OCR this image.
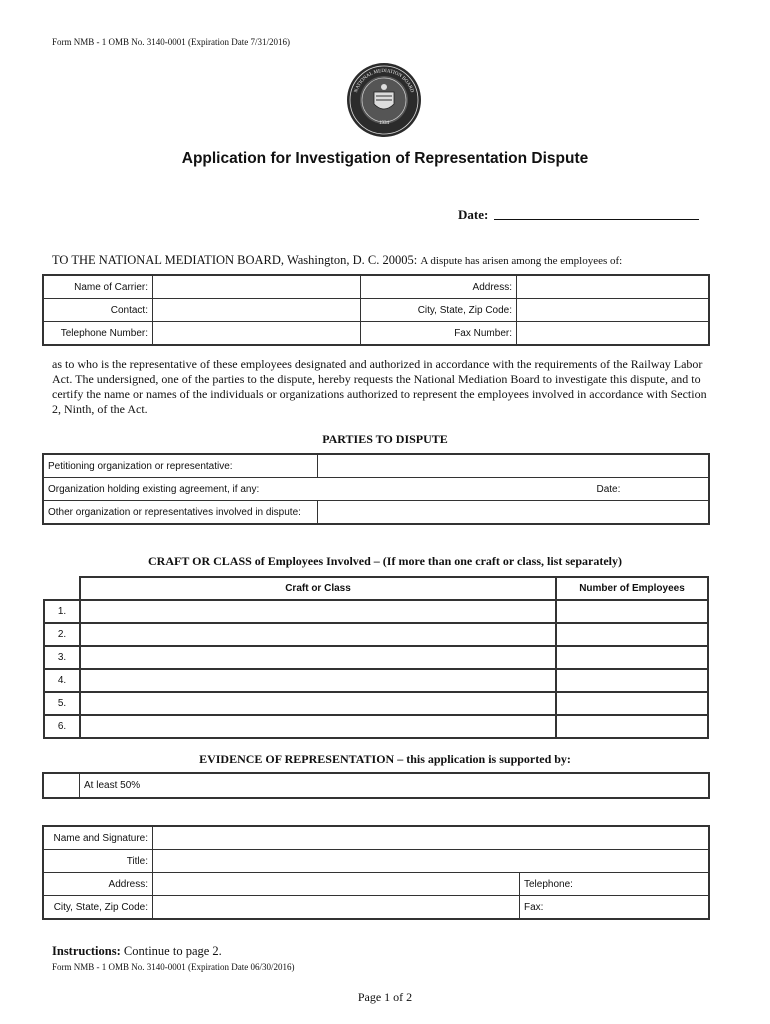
Form NMB - 1 OMB No. 3140-0001 (Expiration Date 7/31/2016)
1934
NATIONAL MEDIATION BOARD
Application for Investigation of Representation Dispute
Date:
TO THE NATIONAL MEDIATION BOARD, Washington, D. C. 20005: A dispute has arisen among the employees of:
Name of Carrier:		Address:	
Contact:		City, State, Zip Code:	
Telephone Number:		Fax Number:	
as to who is the representative of these employees designated and authorized in accordance with the requirements of the Railway Labor Act. The undersigned, one of the parties to the dispute, hereby requests the National Mediation Board to investigate this dispute, and to certify the name or names of the individuals or organizations authorized to represent the employees involved in accordance with Section 2, Ninth, of the Act.
PARTIES TO DISPUTE
Petitioning organization or representative:	
Organization holding existing agreement, if any: Date:	

Other organization or representatives involved in dispute:	
CRAFT OR CLASS of Employees Involved – (If more than one craft or class, list separately)
	Craft or Class	Number of Employees
1.		
2.		
3.		
4.		
5.		
6.		
EVIDENCE OF REPRESENTATION – this application is supported by:
	At least 50%
Name and Signature:		
Title:		
Address:		Telephone:
City, State, Zip Code:		Fax:
Instructions: Continue to page 2.
Form NMB - 1 OMB No. 3140-0001 (Expiration Date 06/30/2016)
Page 1 of 2
